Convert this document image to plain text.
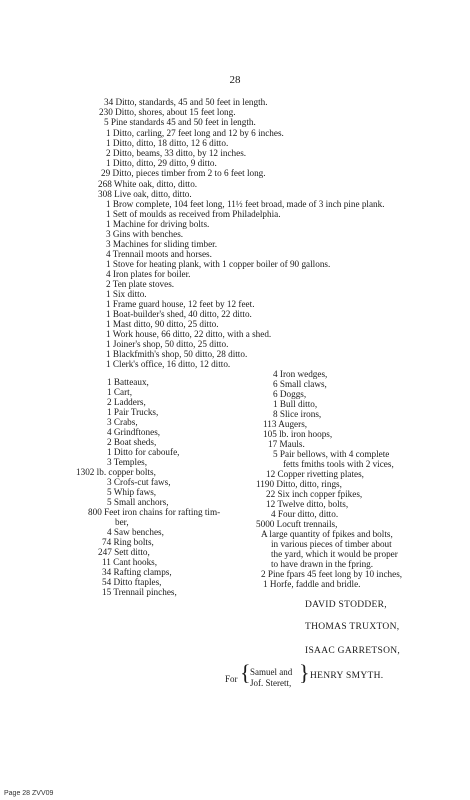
28
34 Ditto, standards, 45 and 50 feet in length.
230 Ditto, shores, about 15 feet long.
5 Pine standards 45 and 50 feet in length.
1 Ditto, carling, 27 feet long and 12 by 6 inches.
1 Ditto, ditto, 18 ditto, 12 6 ditto.
2 Ditto, beams, 33 ditto, by 12 inches.
1 Ditto, ditto, 29 ditto, 9 ditto.
29 Ditto, pieces timber from 2 to 6 feet long.
268 White oak, ditto, ditto.
308 Live oak, ditto, ditto.
1 Brow complete, 104 feet long, 11½ feet broad, made of 3 inch pine plank.
1 Sett of moulds as received from Philadelphia.
1 Machine for driving bolts.
3 Gins with benches.
3 Machines for sliding timber.
4 Trennail moots and horses.
1 Stove for heating plank, with 1 copper boiler of 90 gallons.
4 Iron plates for boiler.
2 Ten plate stoves.
1 Six ditto.
1 Frame guard house, 12 feet by 12 feet.
1 Boat-builder's shed, 40 ditto, 22 ditto.
1 Mast ditto, 90 ditto, 25 ditto.
1 Work house, 66 ditto, 22 ditto, with a shed.
1 Joiner's shop, 50 ditto, 25 ditto.
1 Blackfmith's shop, 50 ditto, 28 ditto.
1 Clerk's office, 16 ditto, 12 ditto.
1 Batteaux,
1 Cart,
2 Ladders,
1 Pair Trucks,
3 Crabs,
4 Grindftones,
2 Boat sheds,
1 Ditto for caboufe,
3 Temples,
1302 lb. copper bolts,
3 Crofs-cut faws,
5 Whip faws,
5 Small anchors,
800 Feet iron chains for rafting tim-
ber,
4 Saw benches,
74 Ring bolts,
247 Sett ditto,
11 Cant hooks,
34 Rafting clamps,
54 Ditto ftaples,
15 Trennail pinches,
4 Iron wedges,
6 Small claws,
6 Doggs,
1 Bull ditto,
8 Slice irons,
113 Augers,
105 lb. iron hoops,
17 Mauls.
5 Pair bellows, with 4 complete
fetts fmiths tools with 2 vices,
12 Copper rivetting plates,
1190 Ditto, ditto, rings,
22 Six inch copper fpikes,
12 Twelve ditto, bolts,
4 Four ditto, ditto.
5000 Locuft trennails,
A large quantity of fpikes and bolts,
in various pieces of timber about
the yard, which it would be proper
to have drawn in the fpring.
2 Pine fpars 45 feet long by 10 inches,
1 Horfe, faddle and bridle.
DAVID STODDER,
THOMAS TRUXTON,
ISAAC GARRETSON,
For { Samuel and
Jof. Sterett, } HENRY SMYTH.
Page 28 ZVV09
